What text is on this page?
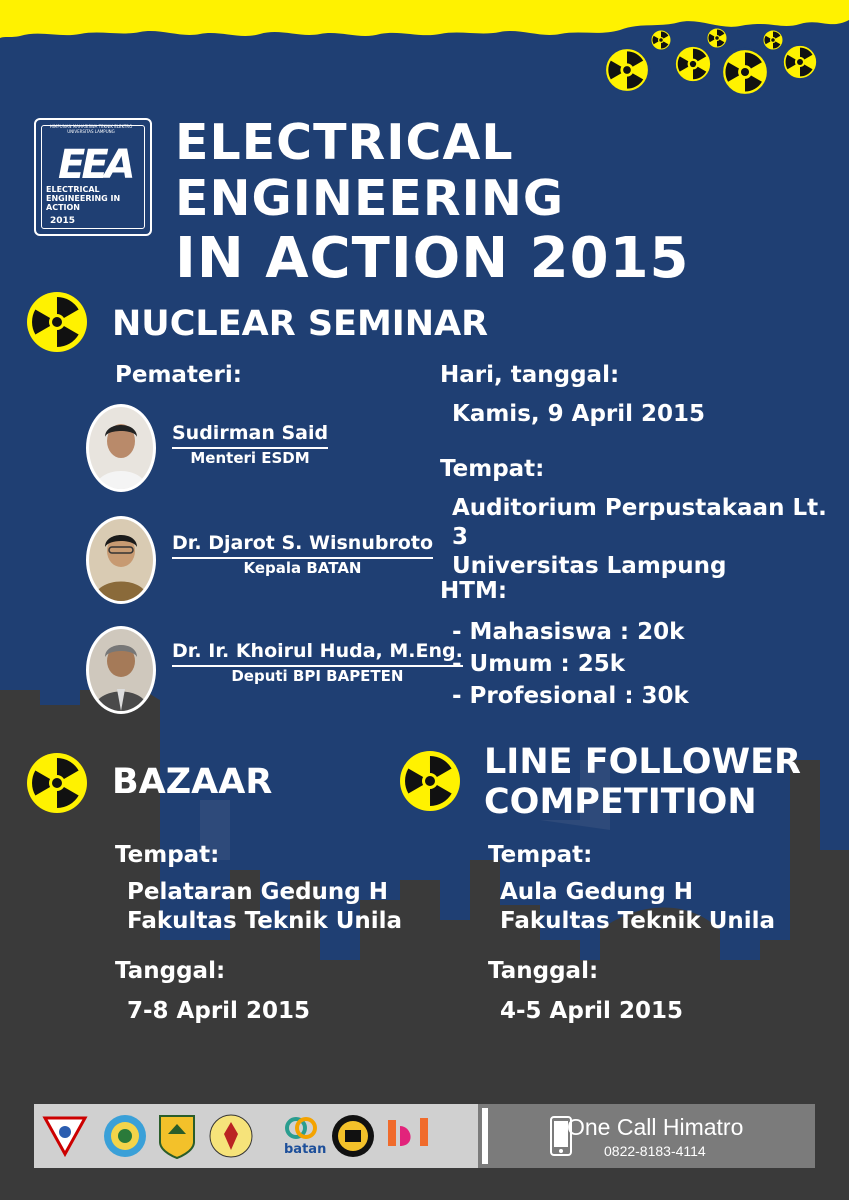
HIMPUNAN MAHASISWA TEKNIK ELEKTRO UNIVERSITAS LAMPUNG
EEA
ELECTRICAL ENGINEERING IN ACTION
2015
ELECTRICAL ENGINEERING
IN ACTION 2015
NUCLEAR SEMINAR
Pemateri:
Sudirman Said
Menteri ESDM
Dr. Djarot S. Wisnubroto
Kepala BATAN
Dr. Ir. Khoirul Huda, M.Eng.
Deputi BPI BAPETEN
Hari, tanggal:
Kamis, 9 April 2015
Tempat:
Auditorium Perpustakaan Lt. 3
Universitas Lampung
HTM:
- Mahasiswa : 20k
- Umum : 25k
- Profesional : 30k
BAZAAR
Tempat:
Pelataran Gedung H
Fakultas Teknik Unila
Tanggal:
7-8 April 2015
LINE FOLLOWER
COMPETITION
Tempat:
Aula Gedung H
Fakultas Teknik Unila
Tanggal:
4-5 April 2015
batan
One Call Himatro
0822-8183-4114
